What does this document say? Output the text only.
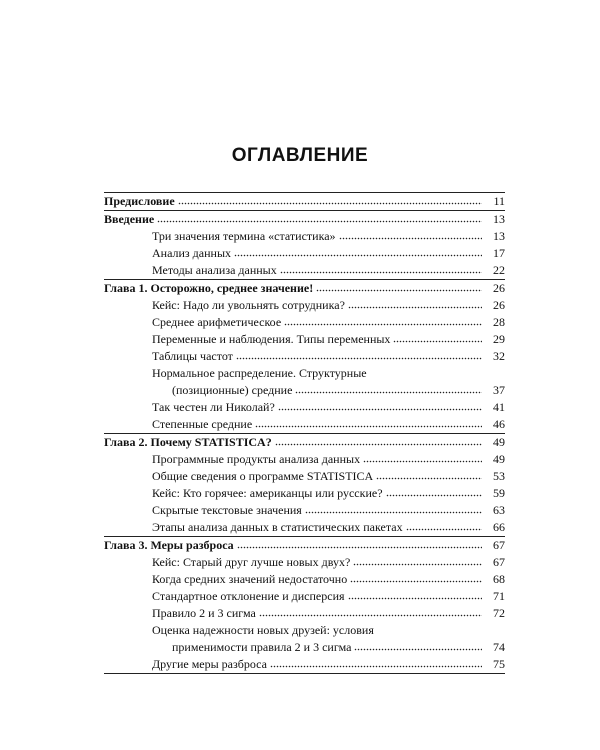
ОГЛАВЛЕНИЕ
Предисловие	11
Введение	13
Три значения термина «статистика»	13
Анализ данных	17
Методы анализа данных	22
Глава 1. Осторожно, среднее значение!	26
Кейс: Надо ли увольнять сотрудника?	26
Среднее арифметическое	28
Переменные и наблюдения. Типы переменных	29
Таблицы частот	32
Нормальное распределение. Структурные
(позиционные) средние	37
Так честен ли Николай?	41
Степенные средние	46
Глава 2. Почему STATISTICA?	49
Программные продукты анализа данных	49
Общие сведения о программе STATISTICA	53
Кейс: Кто горячее: американцы или русские?	59
Скрытые текстовые значения	63
Этапы анализа данных в статистических пакетах	66
Глава 3. Меры разброса	67
Кейс: Старый друг лучше новых двух?	67
Когда средних значений недостаточно	68
Стандартное отклонение и дисперсия	71
Правило 2 и 3 сигма	72
Оценка надежности новых друзей: условия
применимости правила 2 и 3 сигма	74
Другие меры разброса	75
